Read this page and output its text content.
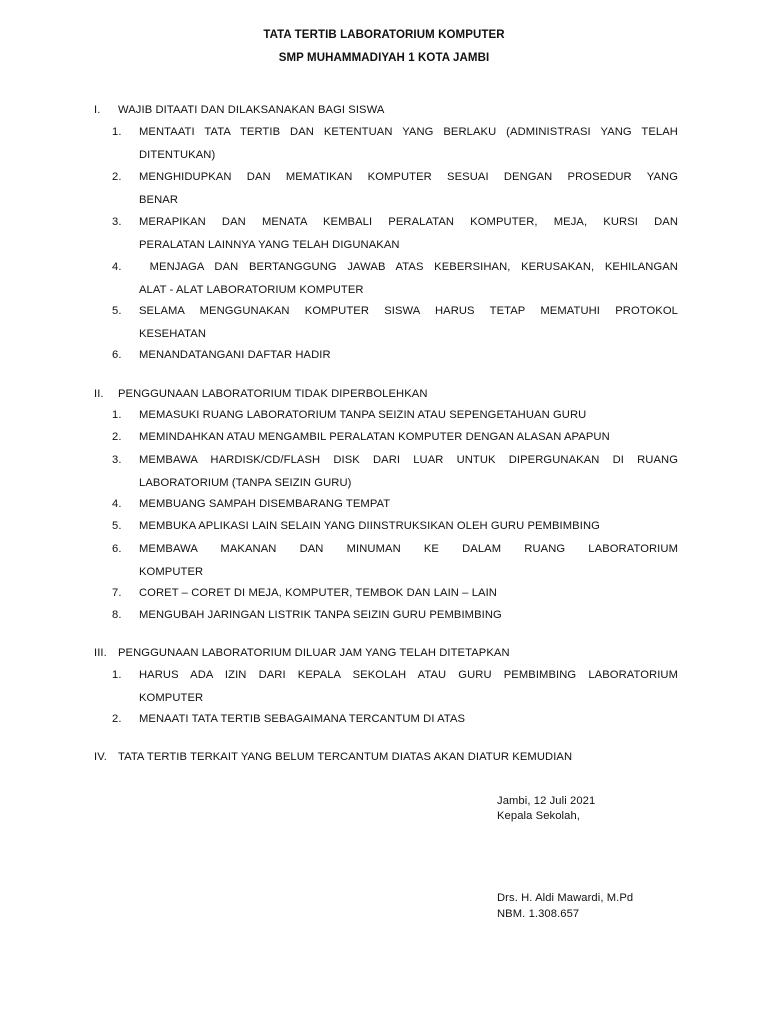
TATA TERTIB LABORATORIUM KOMPUTER
SMP MUHAMMADIYAH 1 KOTA JAMBI
I. WAJIB DITAATI DAN DILAKSANAKAN BAGI SISWA
1.	MENTAATI TATA TERTIB DAN KETENTUAN YANG BERLAKU (ADMINISTRASI YANG TELAH
DITENTUKAN)
2.	MENGHIDUPKAN DAN MEMATIKAN KOMPUTER SESUAI DENGAN PROSEDUR YANG
BENAR
3.	MERAPIKAN DAN MENATA KEMBALI PERALATAN KOMPUTER, MEJA, KURSI DAN
PERALATAN LAINNYA YANG TELAH DIGUNAKAN
4.	MENJAGA DAN BERTANGGUNG JAWAB ATAS KEBERSIHAN, KERUSAKAN, KEHILANGAN
ALAT - ALAT LABORATORIUM KOMPUTER
5.	SELAMA MENGGUNAKAN KOMPUTER SISWA HARUS TETAP MEMATUHI PROTOKOL
KESEHATAN
6.	MENANDATANGANI DAFTAR HADIR
II. PENGGUNAAN LABORATORIUM TIDAK DIPERBOLEHKAN
1.	MEMASUKI RUANG LABORATORIUM TANPA SEIZIN ATAU SEPENGETAHUAN GURU
2.	MEMINDAHKAN ATAU MENGAMBIL PERALATAN KOMPUTER DENGAN ALASAN APAPUN
3.	MEMBAWA HARDISK/CD/FLASH DISK DARI LUAR UNTUK DIPERGUNAKAN DI RUANG
LABORATORIUM (TANPA SEIZIN GURU)
4.	MEMBUANG SAMPAH DISEMBARANG TEMPAT
5.	MEMBUKA APLIKASI LAIN SELAIN YANG DIINSTRUKSIKAN OLEH GURU PEMBIMBING
6.	MEMBAWA MAKANAN DAN MINUMAN KE DALAM RUANG LABORATORIUM
KOMPUTER
7.	CORET – CORET DI MEJA, KOMPUTER, TEMBOK DAN LAIN – LAIN
8.	MENGUBAH JARINGAN LISTRIK TANPA SEIZIN GURU PEMBIMBING
III. PENGGUNAAN LABORATORIUM DILUAR JAM YANG TELAH DITETAPKAN
1.	HARUS ADA IZIN DARI KEPALA SEKOLAH ATAU GURU PEMBIMBING LABORATORIUM
KOMPUTER
2.	MENAATI TATA TERTIB SEBAGAIMANA TERCANTUM DI ATAS
IV. TATA TERTIB TERKAIT YANG BELUM TERCANTUM DIATAS AKAN DIATUR KEMUDIAN
Jambi, 12 Juli 2021
Kepala Sekolah,
Drs. H. Aldi Mawardi, M.Pd
NBM. 1.308.657
